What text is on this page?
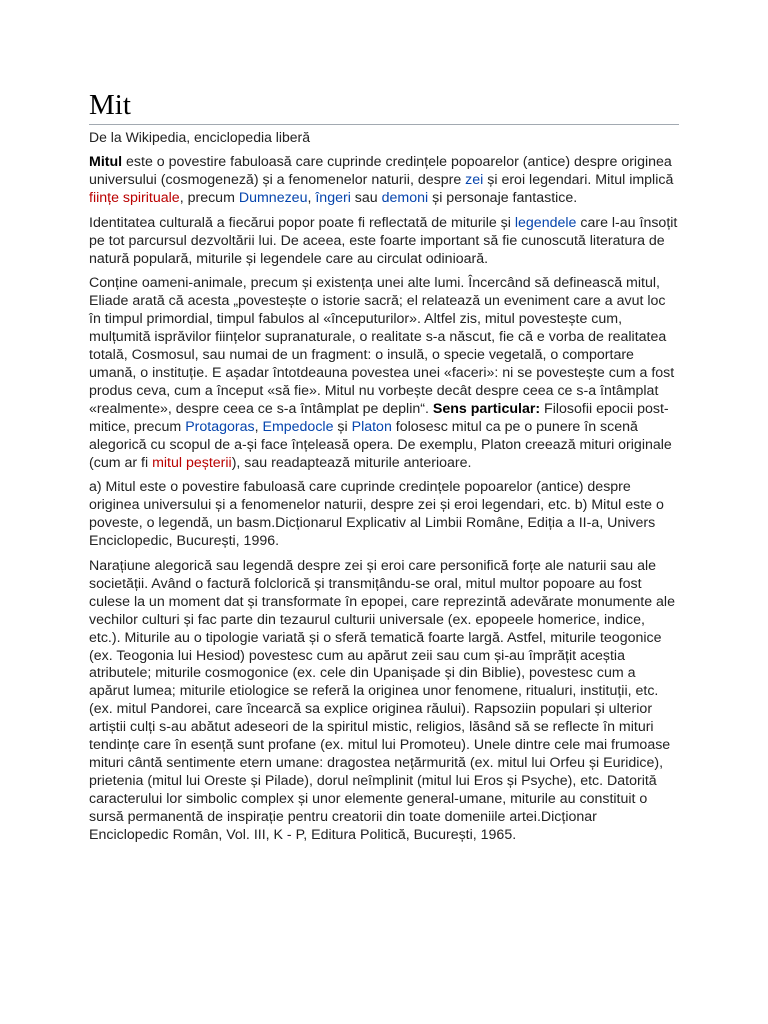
Mit
De la Wikipedia, enciclopedia liberă

Mitul este o povestire fabuloasă care cuprinde credințele popoarelor (antice) despre originea universului (cosmogeneză) și a fenomenelor naturii, despre zei și eroi legendari. Mitul implică ființe spirituale, precum Dumnezeu, îngeri sau demoni și personaje fantastice.

Identitatea culturală a fiecărui popor poate fi reflectată de miturile și legendele care l-au însoțit pe tot parcursul dezvoltării lui. De aceea, este foarte important să fie cunoscută literatura de natură populară, miturile și legendele care au circulat odinioară.

Conține oameni-animale, precum și existența unei alte lumi. Încercând să definească mitul, Eliade arată că acesta „povestește o istorie sacră; el relatează un eveniment care a avut loc în timpul primordial, timpul fabulos al «începuturilor». Altfel zis, mitul povestește cum, mulțumită isprăvilor ființelor supranaturale, o realitate s-a născut, fie că e vorba de realitatea totală, Cosmosul, sau numai de un fragment: o insulă, o specie vegetală, o comportare umană, o instituție. E așadar întotdeauna povestea unei «faceri»: ni se povestește cum a fost produs ceva, cum a început «să fie». Mitul nu vorbește decât despre ceea ce s-a întâmplat «realmente», despre ceea ce s-a întâmplat pe deplin“. Sens particular: Filosofii epocii post-mitice, precum Protagoras, Empedocle și Platon folosesc mitul ca pe o punere în scenă alegorică cu scopul de a-și face înțeleasă opera. De exemplu, Platon creează mituri originale (cum ar fi mitul peșterii), sau readaptează miturile anterioare.

a) Mitul este o povestire fabuloasă care cuprinde credințele popoarelor (antice) despre originea universului și a fenomenelor naturii, despre zei și eroi legendari, etc. b) Mitul este o poveste, o legendă, un basm.Dicționarul Explicativ al Limbii Române, Ediția a II-a, Univers Enciclopedic, București, 1996.

Narațiune alegorică sau legendă despre zei și eroi care personifică forțe ale naturii sau ale societății. Având o factură folclorică și transmițându-se oral, mitul multor popoare au fost culese la un moment dat și transformate în epopei, care reprezintă adevărate monumente ale vechilor culturi și fac parte din tezaurul culturii universale (ex. epopeele homerice, indice, etc.). Miturile au o tipologie variată și o sferă tematică foarte largă. Astfel, miturile teogonice (ex. Teogonia lui Hesiod) povestesc cum au apărut zeii sau cum și-au împrățit aceștia atributele; miturile cosmogonice (ex. cele din Upanișade și din Biblie), povestesc cum a apărut lumea; miturile etiologice se referă la originea unor fenomene, ritualuri, instituții, etc. (ex. mitul Pandorei, care încearcă sa explice originea răului). Rapsoziin populari și ulterior artiștii culți s-au abătut adeseori de la spiritul mistic, religios, lăsând să se reflecte în mituri tendințe care în esență sunt profane (ex. mitul lui Promoteu). Unele dintre cele mai frumoase mituri cântă sentimente etern umane: dragostea nețărmurită (ex. mitul lui Orfeu și Euridice), prietenia (mitul lui Oreste și Pilade), dorul neîmplinit (mitul lui Eros și Psyche), etc. Datorită caracterului lor simbolic complex și unor elemente general-umane, miturile au constituit o sursă permanentă de inspirație pentru creatorii din toate domeniile artei.Dicționar Enciclopedic Român, Vol. III, K - P, Editura Politică, București, 1965.
